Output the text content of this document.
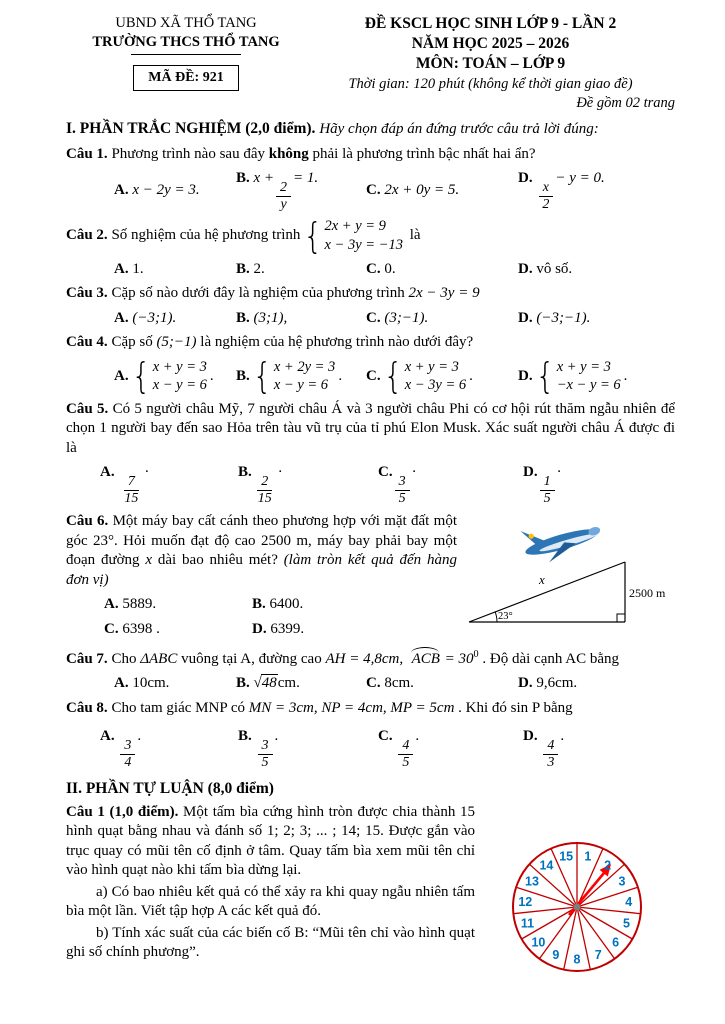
UBND XÃ THỔ TANG
TRƯỜNG THCS THỔ TANG
MÃ ĐỀ: 921
ĐỀ KSCL HỌC SINH LỚP 9 - LẦN 2
NĂM HỌC 2025 – 2026
MÔN: TOÁN – LỚP 9
Thời gian: 120 phút (không kể thời gian giao đề)
Đề gồm 02 trang

I. PHẦN TRẮC NGHIỆM (2,0 điểm). Hãy chọn đáp án đứng trước câu trả lời đúng:

Câu 1. Phương trình nào sau đây không phải là phương trình bậc nhất hai ẩn?

A. x − 2y = 3.
B. x +
$\frac{2}{y}$
= 1.
C. 2x + 0y = 5.
D.
$\frac{x}{2}$
− y = 0.

Câu 2. Số nghiệm của hệ phương trình { 2x + y = 9
x − 3y = −13
là

A. 1.	B. 2.	C. 0.	D. vô số.

Câu 3. Cặp số nào dưới đây là nghiệm của phương trình 2x − 3y = 9

A. (−3;1).	B. (3;1),	C. (3;−1).	D. (−3;−1).

Câu 4. Cặp số (5;−1) là nghiệm của hệ phương trình nào dưới đây?

A. { x + y = 3
x − y = 6
.	B. { x + 2y = 3
x − y = 6
.	C. { x + y = 3
x − 3y = 6
.	D. { x + y = 3
−x − y = 6
.

Câu 5. Có 5 người châu Mỹ, 7 người châu Á và 3 người châu Phi có cơ hội rút thăm ngẫu nhiên để chọn 1 người bay đến sao Hỏa trên tàu vũ trụ của tỉ phú Elon Musk. Xác suất người châu Á được đi là

A.
$\frac{7}{15}$
·	B.
$\frac{2}{15}$
·	C.
$\frac{3}{5}$
·	D.
$\frac{1}{5}$
·

Câu 6. Một máy bay cất cánh theo phương hợp với mặt đất một góc 23°. Hỏi muốn đạt độ cao 2500 m, máy bay phải bay một đoạn đường x dài bao nhiêu mét? (làm tròn kết quả đến hàng đơn vị)

A. 5889.	B. 6400.
C. 6398 .	D. 6399.
x
2500 m
23°

Câu 7. Cho ΔABC vuông tại A, đường cao AH = 4,8cm, ACB = $30^0$ . Độ dài cạnh AC bằng

A. 10cm.	B. √48cm.	C. 8cm.	D. 9,6cm.

Câu 8. Cho tam giác MNP có MN = 3cm, NP = 4cm, MP = 5cm . Khi đó sin P bằng

A.
$\frac{3}{4}$
.	B.
$\frac{3}{5}$
.	C.
$\frac{4}{5}$
.	D.
$\frac{4}{3}$
.

II. PHẦN TỰ LUẬN (8,0 điểm)

Câu 1 (1,0 điểm). Một tấm bìa cứng hình tròn được chia thành 15 hình quạt bằng nhau và đánh số 1; 2; 3; ... ; 14; 15. Được gắn vào trục quay có mũi tên cố định ở tâm. Quay tấm bìa xem mũi tên chỉ vào hình quạt nào khi tấm bìa dừng lại.

a) Có bao nhiêu kết quả có thể xảy ra khi quay ngẫu nhiên tấm bìa một lần. Viết tập hợp A các kết quả đó.

b) Tính xác suất của các biến cố B: “Mũi tên chỉ vào hình quạt ghi số chính phương”.

1
2
3
4
5
6
7
8
9
10
11
12
13
14
15
